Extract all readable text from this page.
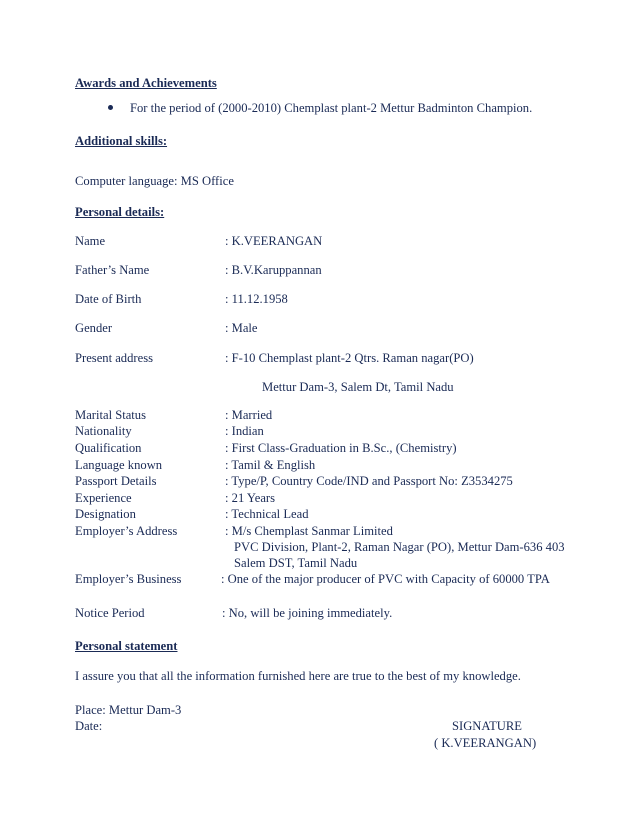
Awards and Achievements
For the period of (2000-2010) Chemplast plant-2 Mettur Badminton Champion.
Additional skills:
Computer language: MS Office
Personal details:
Name	: K.VEERANGAN
Father’s Name	: B.V.Karuppannan
Date of Birth	: 11.12.1958
Gender	: Male
Present address	: F-10 Chemplast plant-2 Qtrs. Raman nagar(PO)
Mettur Dam-3, Salem Dt, Tamil Nadu
Marital Status	: Married
Nationality	: Indian
Qualification	: First Class-Graduation in B.Sc., (Chemistry)
Language known	: Tamil & English
Passport Details	: Type/P, Country Code/IND and Passport No: Z3534275
Experience	: 21 Years
Designation	: Technical Lead
Employer’s Address	: M/s Chemplast Sanmar Limited
PVC Division, Plant-2, Raman Nagar (PO), Mettur Dam-636 403
Salem DST, Tamil Nadu
Employer’s Business	: One of the major producer of PVC with Capacity of 60000 TPA
Notice Period	: No, will be joining immediately.
Personal statement
I assure you that all the information furnished here are true to the best of my knowledge.
Place: Mettur Dam-3
Date:	SIGNATURE
( K.VEERANGAN)
